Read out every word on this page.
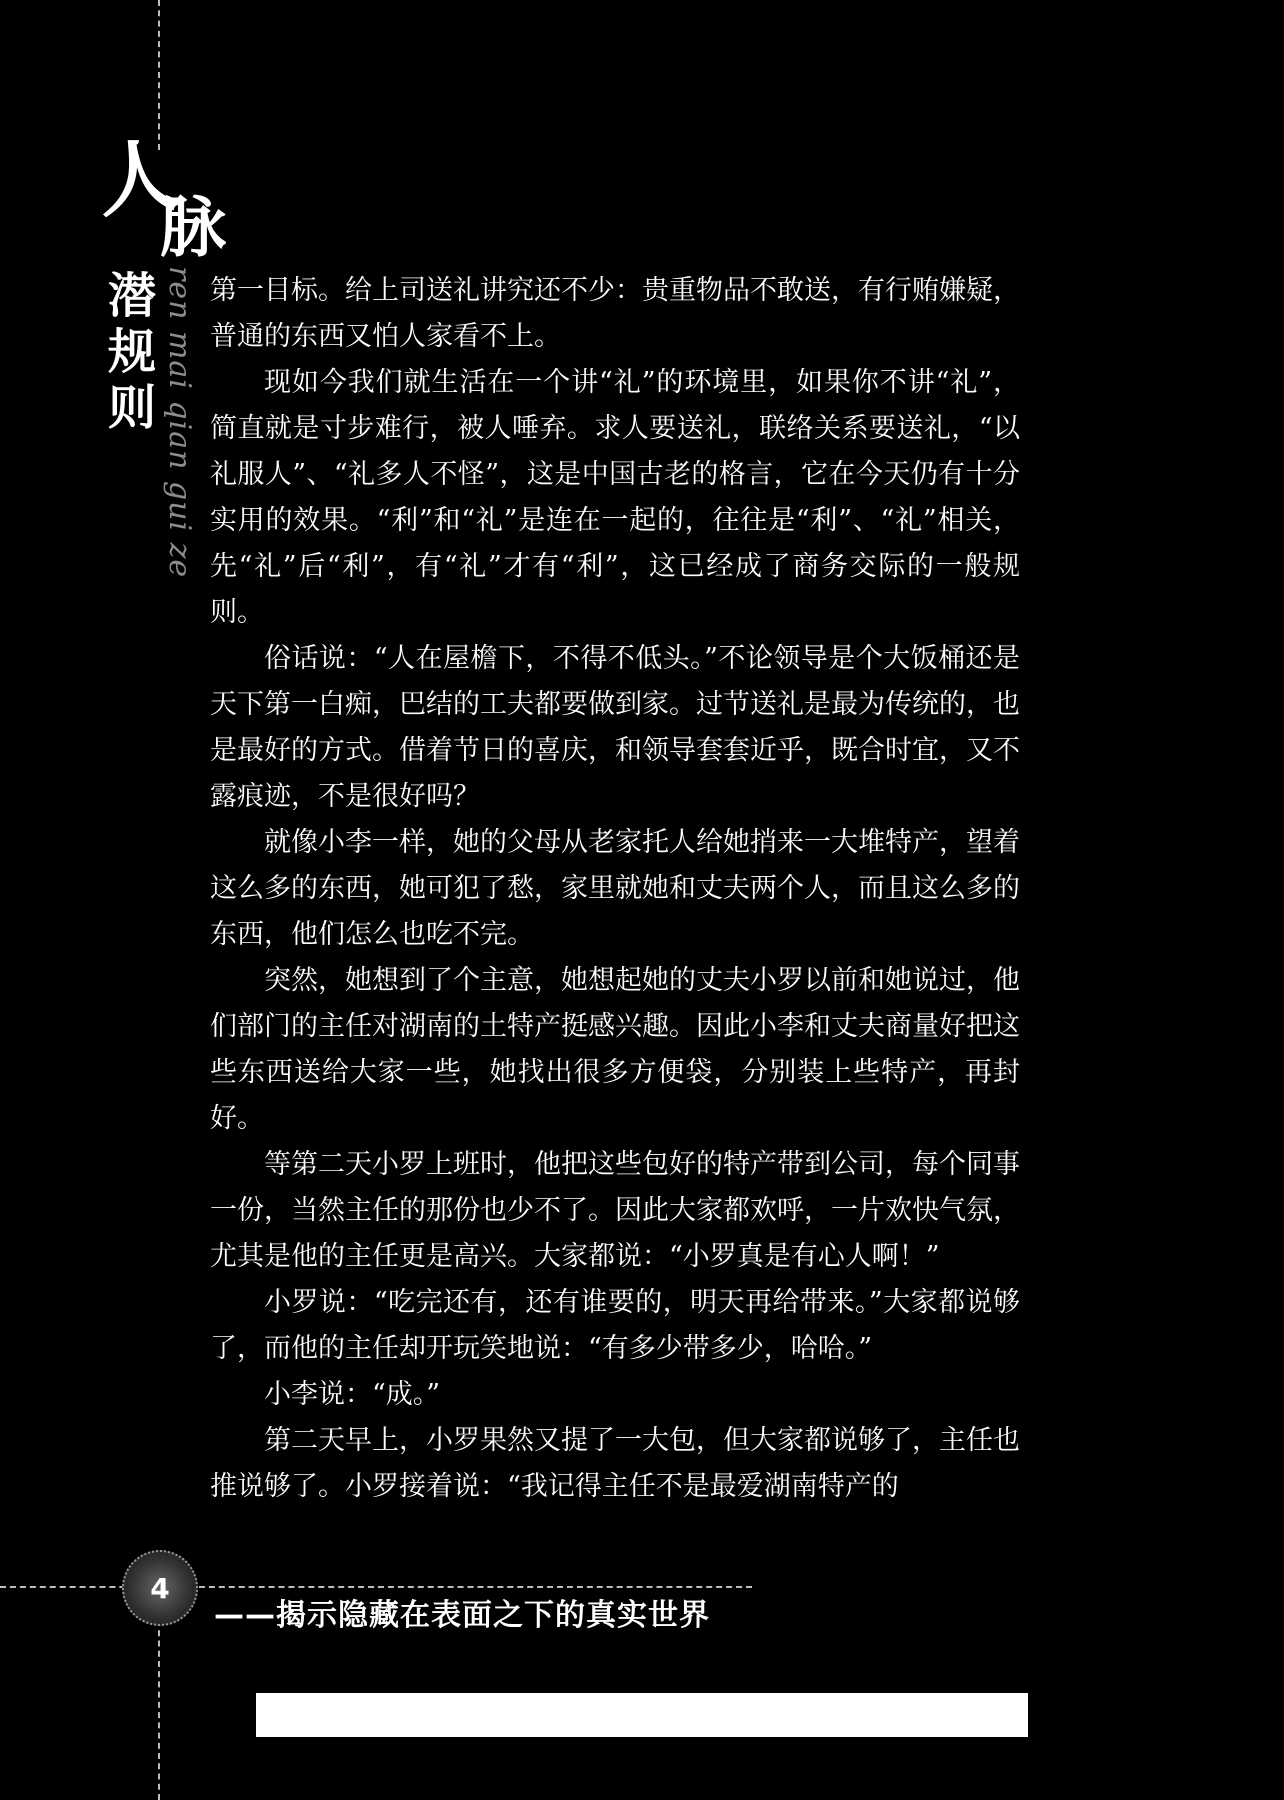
人
脉
潜
规
则 ren mai qian gui ze 第一目标。给上司送礼讲究还不少：贵重物品不敢送，有行贿嫌疑，普通的东西又怕人家看不上。

现如今我们就生活在一个讲“礼”的环境里，如果你不讲“礼”，简直就是寸步难行，被人唾弃。求人要送礼，联络关系要送礼，“以礼服人”、“礼多人不怪”，这是中国古老的格言，它在今天仍有十分实用的效果。“利”和“礼”是连在一起的，往往是“利”、“礼”相关，先“礼”后“利”，有“礼”才有“利”，这已经成了商务交际的一般规则。

俗话说：“人在屋檐下，不得不低头。”不论领导是个大饭桶还是天下第一白痴，巴结的工夫都要做到家。过节送礼是最为传统的，也是最好的方式。借着节日的喜庆，和领导套套近乎，既合时宜，又不露痕迹，不是很好吗？

就像小李一样，她的父母从老家托人给她捎来一大堆特产，望着这么多的东西，她可犯了愁，家里就她和丈夫两个人，而且这么多的东西，他们怎么也吃不完。

突然，她想到了个主意，她想起她的丈夫小罗以前和她说过，他们部门的主任对湖南的土特产挺感兴趣。因此小李和丈夫商量好把这些东西送给大家一些，她找出很多方便袋，分别装上些特产，再封好。

等第二天小罗上班时，他把这些包好的特产带到公司，每个同事一份，当然主任的那份也少不了。因此大家都欢呼，一片欢快气氛，尤其是他的主任更是高兴。大家都说：“小罗真是有心人啊！”

小罗说：“吃完还有，还有谁要的，明天再给带来。”大家都说够了，而他的主任却开玩笑地说：“有多少带多少，哈哈。”

小李说：“成。”

第二天早上，小罗果然又提了一大包，但大家都说够了，主任也推说够了。小罗接着说：“我记得主任不是最爱湖南特产的

4
——揭示隐藏在表面之下的真实世界
